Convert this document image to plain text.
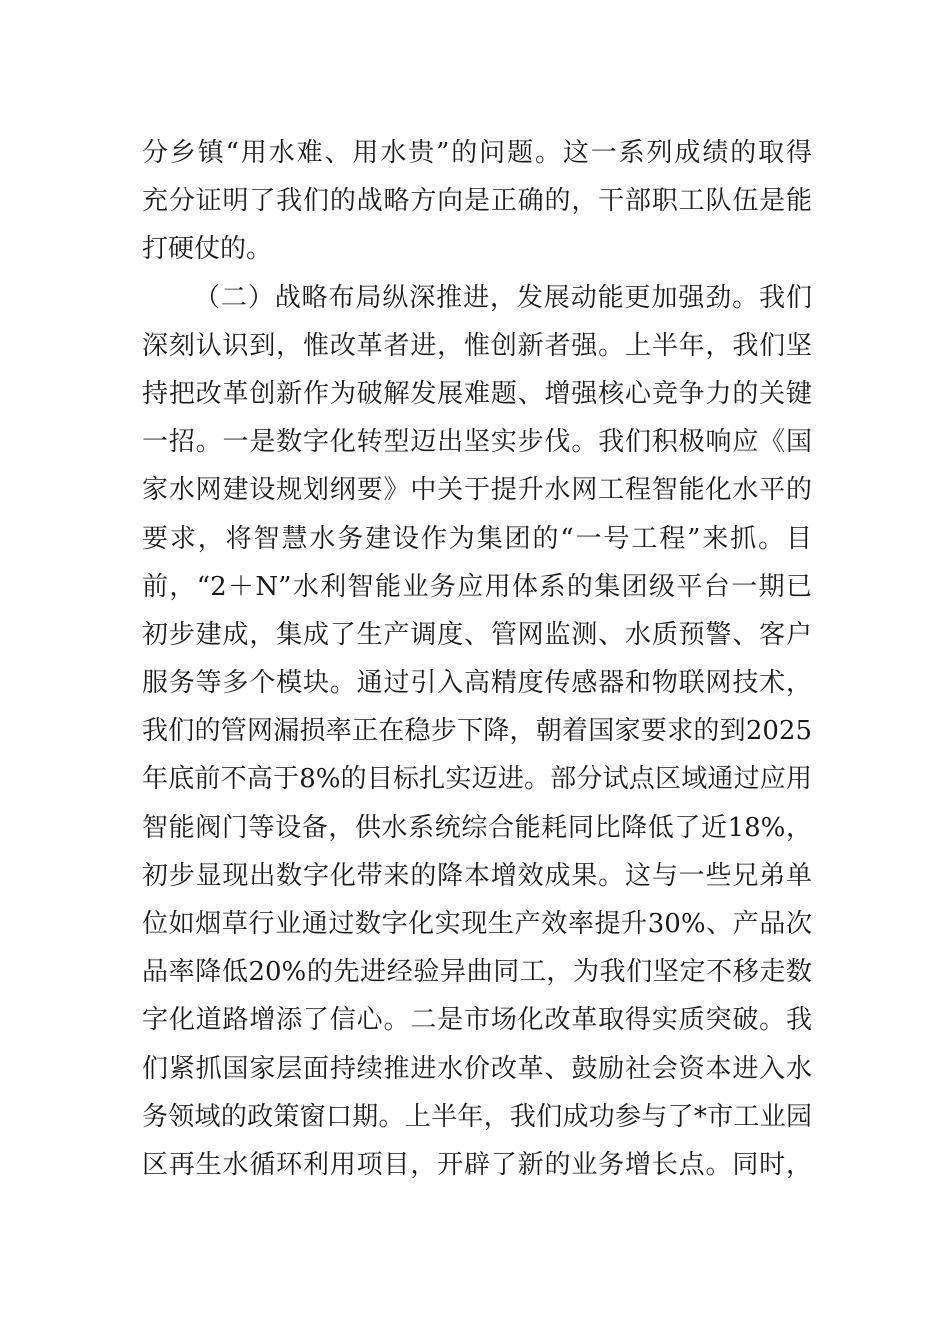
分乡镇“用水难、用水贵”的问题。这一系列成绩的取得
充分证明了我们的战略方向是正确的，干部职工队伍是能
打硬仗的。
（二）战略布局纵深推进，发展动能更加强劲。我们
深刻认识到，惟改革者进，惟创新者强。上半年，我们坚
持把改革创新作为破解发展难题、增强核心竞争力的关键
一招。一是数字化转型迈出坚实步伐。我们积极响应《国
家水网建设规划纲要》中关于提升水网工程智能化水平的
要求，将智慧水务建设作为集团的“一号工程”来抓。目
前，“2＋N”水利智能业务应用体系的集团级平台一期已
初步建成，集成了生产调度、管网监测、水质预警、客户
服务等多个模块。通过引入高精度传感器和物联网技术，
我们的管网漏损率正在稳步下降，朝着国家要求的到2025
年底前不高于8%的目标扎实迈进。部分试点区域通过应用
智能阀门等设备，供水系统综合能耗同比降低了近18%，
初步显现出数字化带来的降本增效成果。这与一些兄弟单
位如烟草行业通过数字化实现生产效率提升30%、产品次
品率降低20%的先进经验异曲同工，为我们坚定不移走数
字化道路增添了信心。二是市场化改革取得实质突破。我
们紧抓国家层面持续推进水价改革、鼓励社会资本进入水
务领域的政策窗口期。上半年，我们成功参与了*市工业园
区再生水循环利用项目，开辟了新的业务增长点。同时，
